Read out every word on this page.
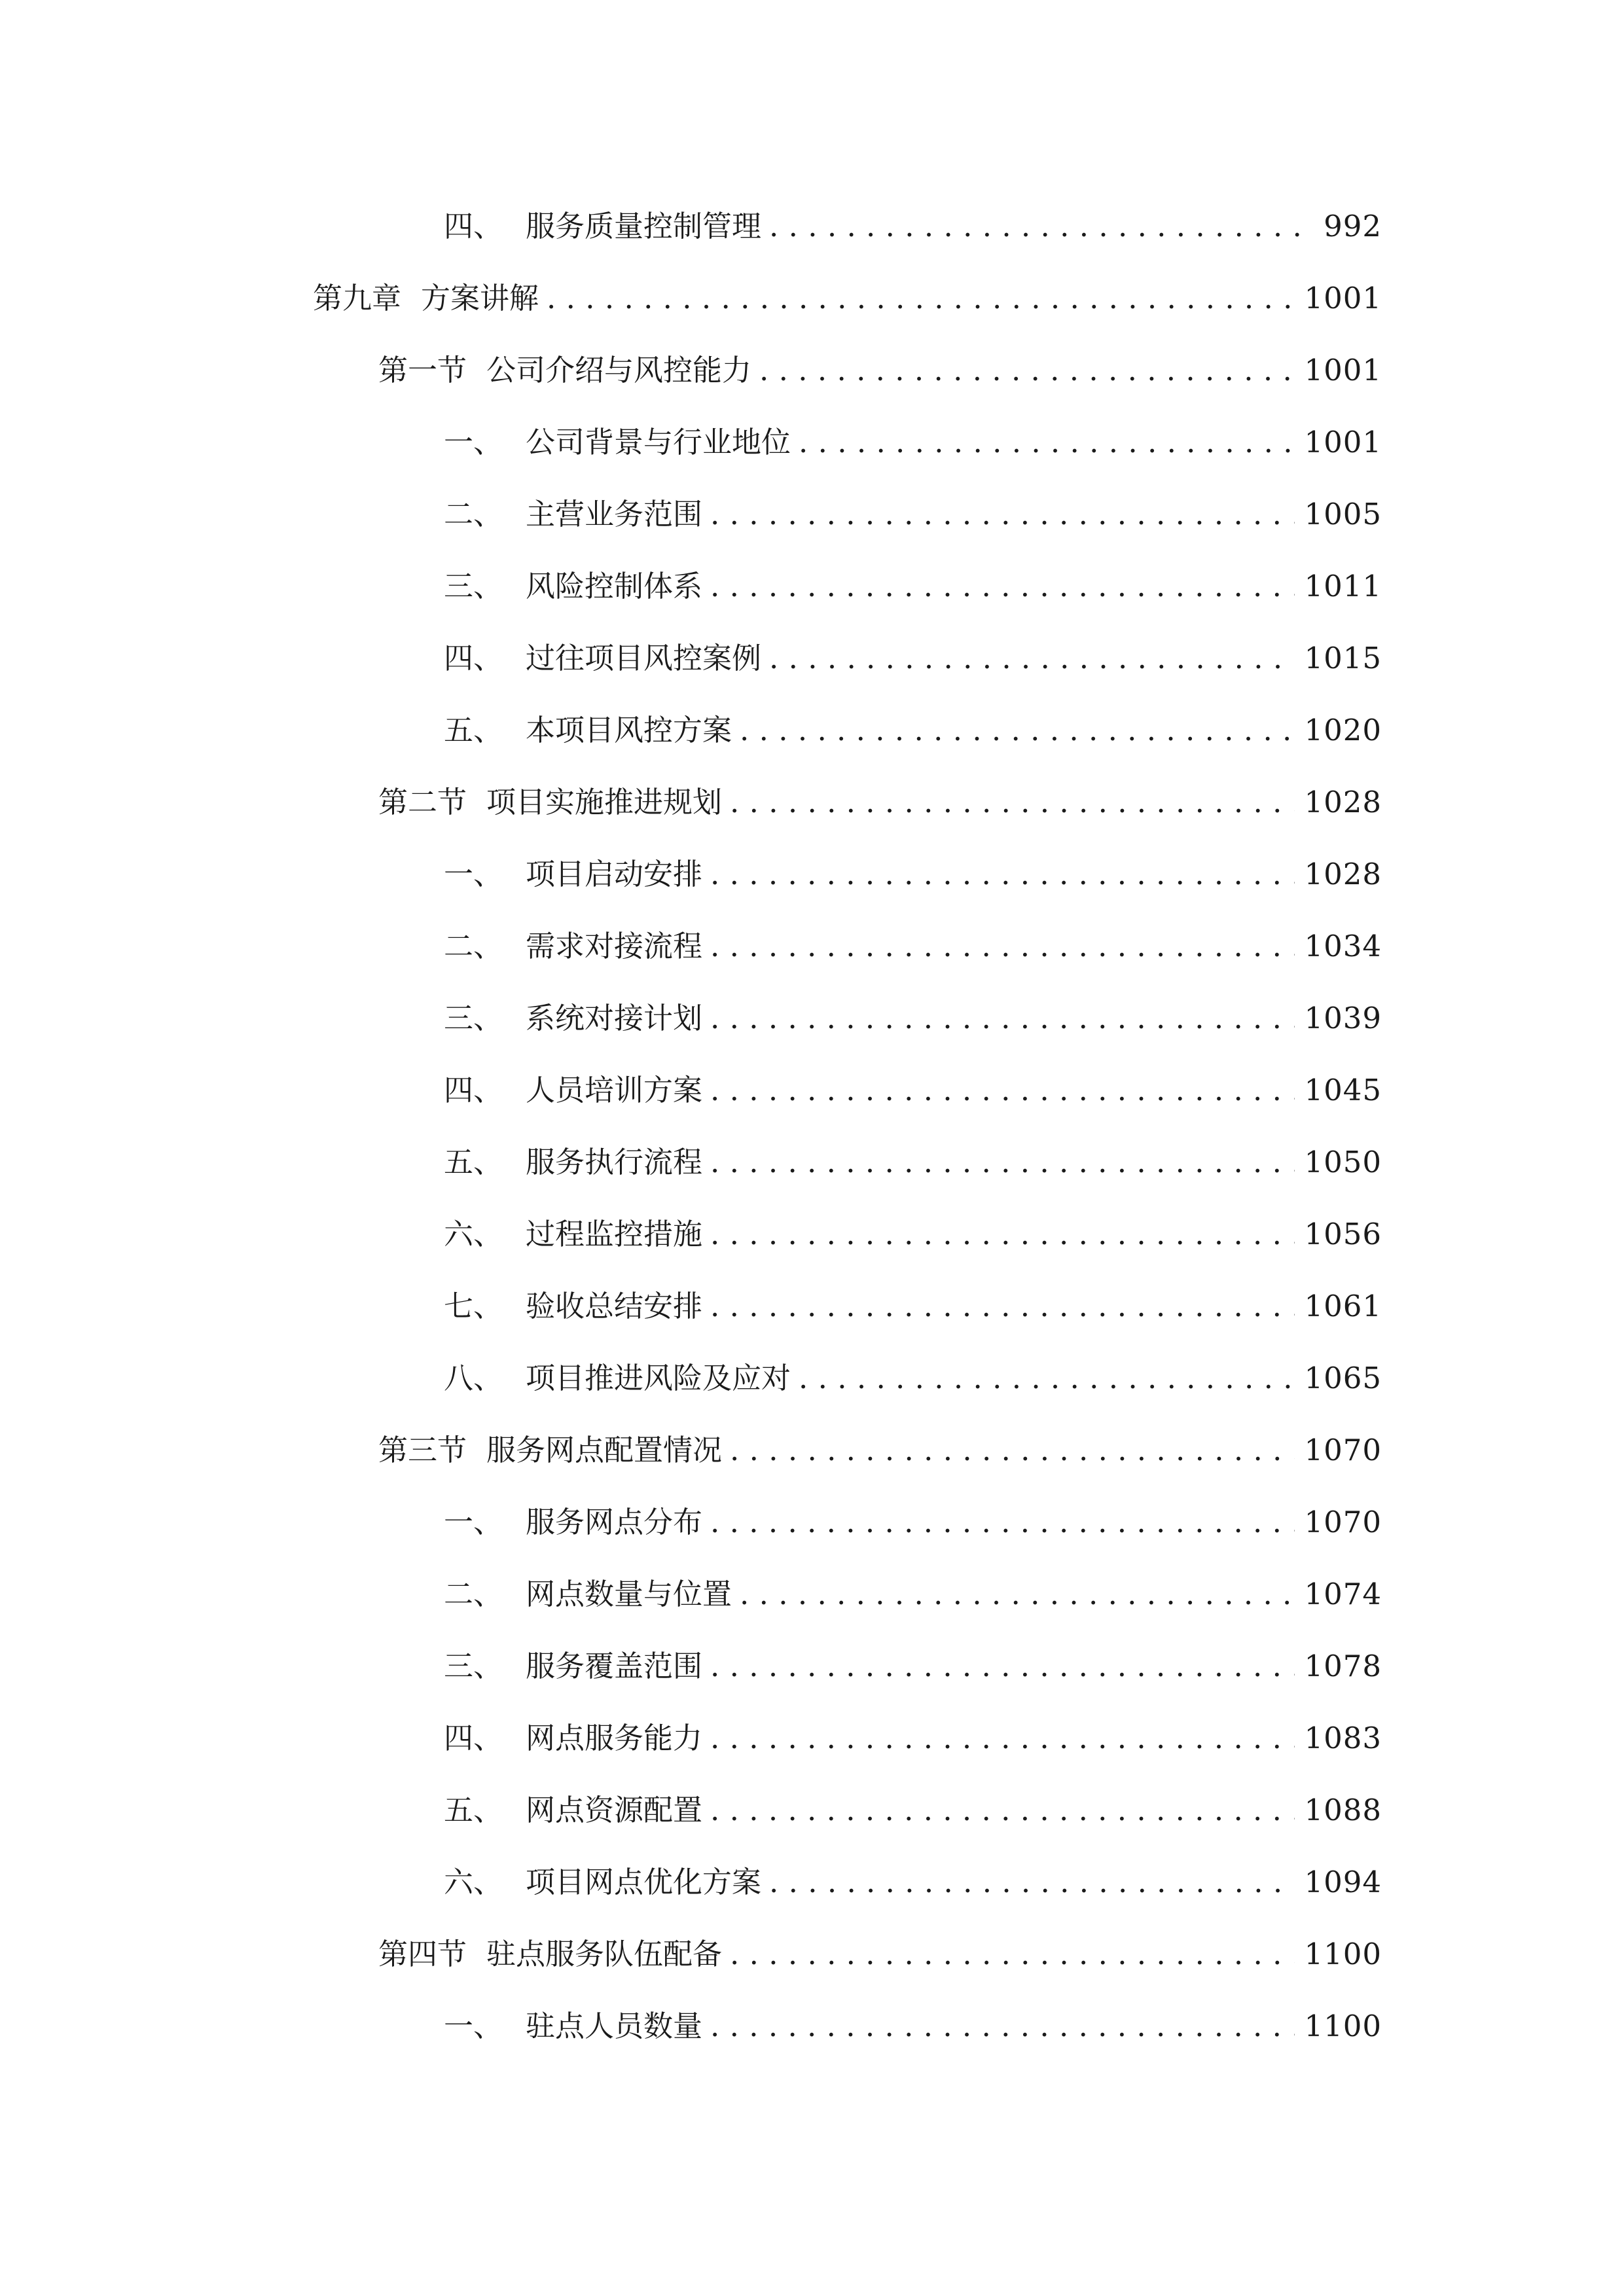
四、 服务质量控制管理 . . .	992
第九章 方案讲解 . . .	1001
第一节 公司介绍与风控能力 . . .	1001
一、 公司背景与行业地位 . . .	1001
二、 主营业务范围 . . .	1005
三、 风险控制体系 . . .	1011
四、 过往项目风控案例 . . .	1015
五、 本项目风控方案 . . .	1020
第二节 项目实施推进规划 . . .	1028
一、 项目启动安排 . . .	1028
二、 需求对接流程 . . .	1034
三、 系统对接计划 . . .	1039
四、 人员培训方案 . . .	1045
五、 服务执行流程 . . .	1050
六、 过程监控措施 . . .	1056
七、 验收总结安排 . . .	1061
八、 项目推进风险及应对 . . .	1065
第三节 服务网点配置情况 . . .	1070
一、 服务网点分布 . . .	1070
二、 网点数量与位置 . . .	1074
三、 服务覆盖范围 . . .	1078
四、 网点服务能力 . . .	1083
五、 网点资源配置 . . .	1088
六、 项目网点优化方案 . . .	1094
第四节 驻点服务队伍配备 . . .	1100
一、 驻点人员数量 . . .	1100
